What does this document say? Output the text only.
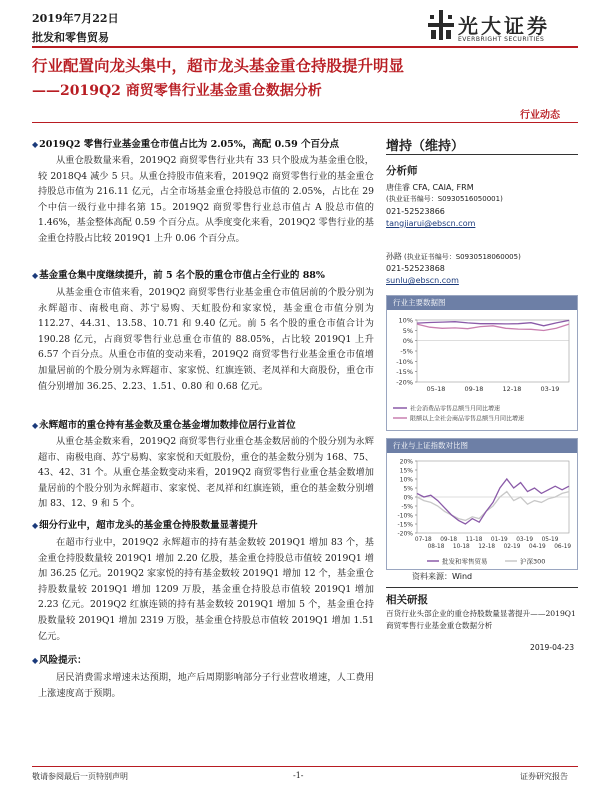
2019年7月22日
批发和零售贸易	光大证券
EVERBRIGHT SECURITIES
行业配置向龙头集中，超市龙头基金重仓持股提升明显
——2019Q2 商贸零售行业基金重仓数据分析
行业动态
◆2019Q2 零售行业基金重仓市值占比为 2.05%，高配 0.59 个百分点
从重仓股数量来看，2019Q2 商贸零售行业共有 33 只个股成为基金重仓股，较 2018Q4 减少 5 只。从重仓持股市值来看，2019Q2 商贸零售行业的基金重仓持股总市值为 216.11 亿元，占全市场基金重仓持股总市值的 2.05%，占比在 29 个中信一级行业中排名第 15。2019Q2 商贸零售行业总市值占 A 股总市值的 1.46%，基金整体高配 0.59 个百分点。从季度变化来看，2019Q2 零售行业的基金重仓持股占比较 2019Q1 上升 0.06 个百分点。
◆基金重仓集中度继续提升，前 5 名个股的重仓市值占全行业的 88%
从基金重仓市值来看，2019Q2 商贸零售行业基金重仓市值居前的个股分别为永辉超市、南极电商、苏宁易购、天虹股份和家家悦，基金重仓市值分别为 112.27、44.31、13.58、10.71 和 9.40 亿元。前 5 名个股的重仓市值合计为 190.28 亿元，占商贸零售行业总重仓市值的 88.05%，占比较 2019Q1 上升 6.57 个百分点。从重仓市值的变动来看，2019Q2 商贸零售行业基金重仓市值增加量居前的个股分别为永辉超市、家家悦、红旗连锁、老凤祥和大商股份，重仓市值分别增加 36.25、2.23、1.51、0.80 和 0.68 亿元。
◆永辉超市的重仓持有基金数及重仓基金增加数排位居行业首位
从重仓基金数来看，2019Q2 商贸零售行业重仓基金数居前的个股分别为永辉超市、南极电商、苏宁易购、家家悦和天虹股份，重仓的基金数分别为 168、75、43、42、31 个。从重仓基金数变动来看，2019Q2 商贸零售行业重仓基金数增加量居前的个股分别为永辉超市、家家悦、老凤祥和红旗连锁，重仓的基金数分别增加 83、12、9 和 5 个。
◆细分行业中，超市龙头的基金重仓持股数量显著提升
在超市行业中，2019Q2 永辉超市的持有基金数较 2019Q1 增加 83 个，基金重仓持股数量较 2019Q1 增加 2.20 亿股，基金重仓持股总市值较 2019Q1 增加 36.25 亿元。2019Q2 家家悦的持有基金数较 2019Q1 增加 12 个，基金重仓持股数量较 2019Q1 增加 1209 万股，基金重仓持股总市值较 2019Q1 增加 2.23 亿元。2019Q2 红旗连锁的持有基金数较 2019Q1 增加 5 个，基金重仓持股数量较 2019Q1 增加 2319 万股，基金重仓持股总市值较 2019Q1 增加 1.51 亿元。
◆风险提示：
居民消费需求增速未达预期，地产后周期影响部分子行业营收增速，人工费用上涨速度高于预期。
增持（维持）
分析师
唐佳睿 CFA, CAIA, FRM
(执业证书编号：S0930516050001)
021-52523866
tangjiarui@ebscn.com
孙路 (执业证书编号：S0930518060005)
021-52523868
sunlu@ebscn.com
行业主要数据图
10%
5%
0%
-5%
-10%
-15%
-20%
05-18	09-18	12-18	03-19
社会消费品零售总额当月同比增速
限额以上全社会商品零售总额当月同比增速
行业与上证指数对比图
20%
15%
10%
5%
0%
-5%
-10%
-15%
-20%
07-18
08-18
09-18
10-18
11-18
12-18
01-19
02-19
03-19
04-19
05-19
06-19
批发和零售贸易	沪深300
资料来源：Wind
相关研报
百货行业头部企业的重仓持股数量显著提升——2019Q1 商贸零售行业基金重仓数据分析
2019-04-23
敬请参阅最后一页特别声明	-1-	证券研究报告
